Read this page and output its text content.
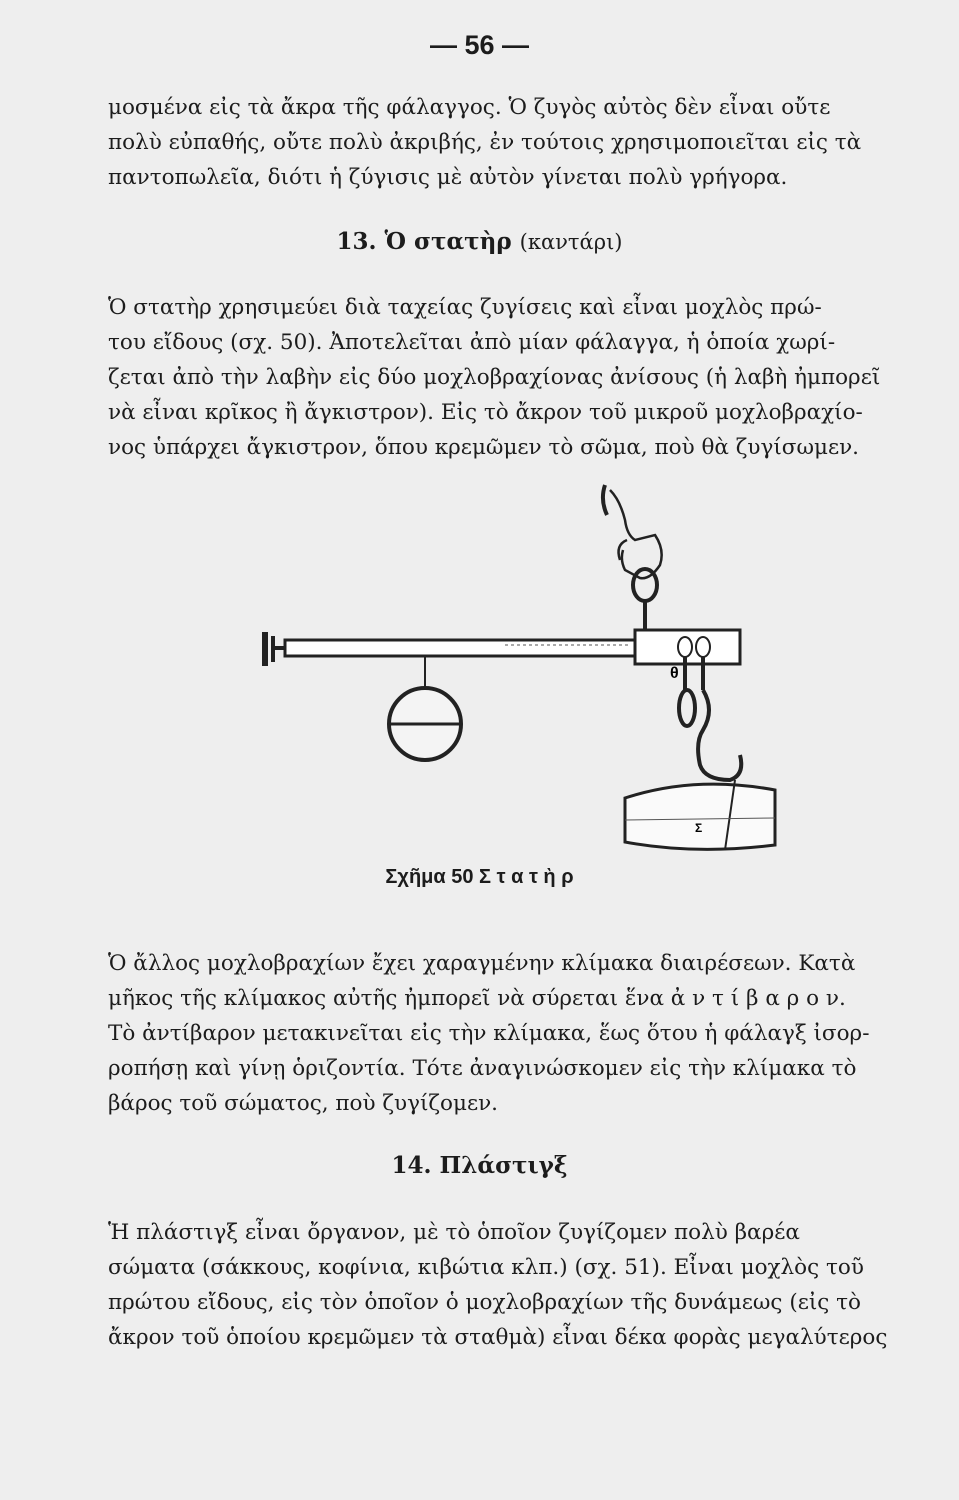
— 56 —
μοσμένα εἰς τὰ ἄκρα τῆς φάλαγγος. Ὁ ζυγὸς αὐτὸς δὲν εἶναι οὔτε
πολὺ εὐπαθής, οὔτε πολὺ ἀκριβής, ἐν τούτοις χρησιμοποιεῖται εἰς τὰ
παντοπωλεῖα, διότι ἡ ζύγισις μὲ αὐτὸν γίνεται πολὺ γρήγορα.
13. Ὁ στατὴρ (καντάρι)
Ὁ στατὴρ χρησιμεύει διὰ ταχείας ζυγίσεις καὶ εἶναι μοχλὸς πρώ-
του εἴδους (σχ. 50). Ἀποτελεῖται ἀπὸ μίαν φάλαγγα, ἡ ὁποία χωρί-
ζεται ἀπὸ τὴν λαβὴν εἰς δύο μοχλοβραχίονας ἀνίσους (ἡ λαβὴ ἠμπορεῖ
νὰ εἶναι κρῖκος ἢ ἄγκιστρον). Εἰς τὸ ἄκρον τοῦ μικροῦ μοχλοβραχίο-
νος ὑπάρχει ἄγκιστρον, ὅπου κρεμῶμεν τὸ σῶμα, ποὺ θὰ ζυγίσωμεν.
θ
Σ
Σχῆμα 50 Σ τ α τ ὴ ρ
Ὁ ἄλλος μοχλοβραχίων ἔχει χαραγμένην κλίμακα διαιρέσεων. Κατὰ
μῆκος τῆς κλίμακος αὐτῆς ἠμπορεῖ νὰ σύρεται ἕνα ἀ ν τ ί β α ρ ο ν.
Τὸ ἀντίβαρον μετακινεῖται εἰς τὴν κλίμακα, ἕως ὅτου ἡ φάλαγξ ἰσορ-
ροπήσῃ καὶ γίνῃ ὁριζοντία. Τότε ἀναγινώσκομεν εἰς τὴν κλίμακα τὸ
βάρος τοῦ σώματος, ποὺ ζυγίζομεν.
14. Πλάστιγξ
Ἡ πλάστιγξ εἶναι ὄργανον, μὲ τὸ ὁποῖον ζυγίζομεν πολὺ βαρέα
σώματα (σάκκους, κοφίνια, κιβώτια κλπ.) (σχ. 51). Εἶναι μοχλὸς τοῦ
πρώτου εἴδους, εἰς τὸν ὁποῖον ὁ μοχλοβραχίων τῆς δυνάμεως (εἰς τὸ
ἄκρον τοῦ ὁποίου κρεμῶμεν τὰ σταθμὰ) εἶναι δέκα φορὰς μεγαλύτερος
